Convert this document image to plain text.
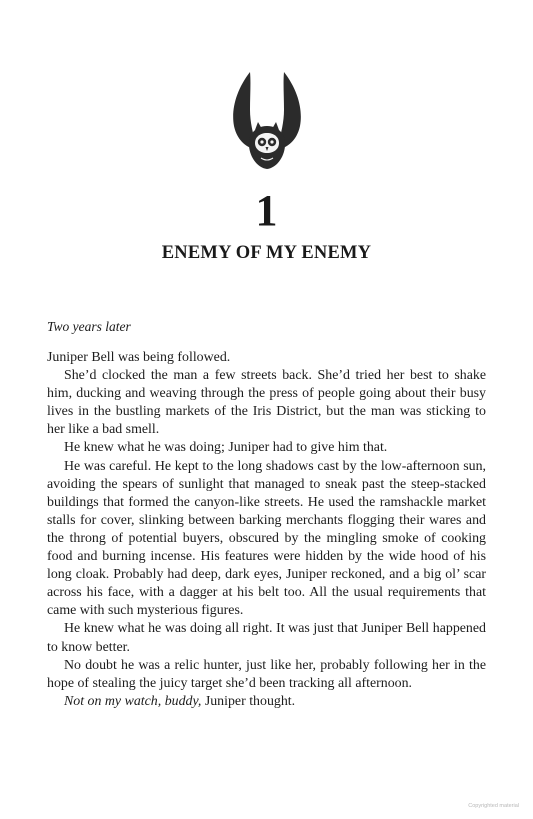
1
ENEMY OF MY ENEMY
Two years later

Juniper Bell was being followed.

She’d clocked the man a few streets back. She’d tried her best to shake him, ducking and weaving through the press of people going about their busy lives in the bustling markets of the Iris District, but the man was sticking to her like a bad smell.

He knew what he was doing; Juniper had to give him that.

He was careful. He kept to the long shadows cast by the low-afternoon sun, avoiding the spears of sunlight that managed to sneak past the steep-stacked buildings that formed the canyon-like streets. He used the ramshackle market stalls for cover, slinking between barking merchants flogging their wares and the throng of potential buyers, obscured by the mingling smoke of cooking food and burning incense. His features were hidden by the wide hood of his long cloak. Probably had deep, dark eyes, Juniper reckoned, and a big ol’ scar across his face, with a dagger at his belt too. All the usual requirements that came with such mysterious figures.

He knew what he was doing all right. It was just that Juniper Bell happened to know better.

No doubt he was a relic hunter, just like her, probably following her in the hope of stealing the juicy target she’d been tracking all afternoon.

Not on my watch, buddy, Juniper thought.

Copyrighted material
